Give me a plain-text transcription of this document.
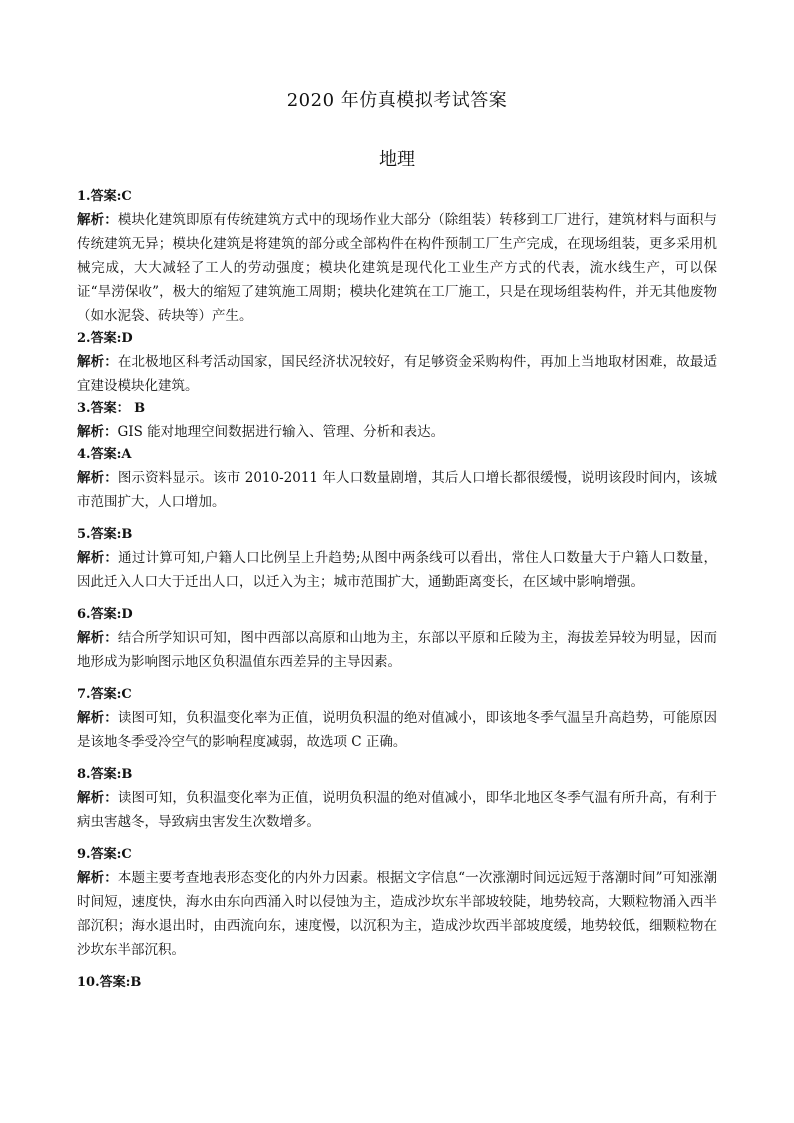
2020 年仿真模拟考试答案
地理
1.答案:C
解析：模块化建筑即原有传统建筑方式中的现场作业大部分（除组装）转移到工厂进行，建筑材料与面积与传统建筑无异；模块化建筑是将建筑的部分或全部构件在构件预制工厂生产完成，在现场组装，更多采用机械完成，大大减轻了工人的劳动强度；模块化建筑是现代化工业生产方式的代表，流水线生产，可以保证“旱涝保收”，极大的缩短了建筑施工周期；模块化建筑在工厂施工，只是在现场组装构件，并无其他废物（如水泥袋、砖块等）产生。
2.答案:D
解析：在北极地区科考活动国家，国民经济状况较好，有足够资金采购构件，再加上当地取材困难，故最适宜建设模块化建筑。
3.答案： B
解析：GIS 能对地理空间数据进行输入、管理、分析和表达。
4.答案:A
解析：图示资料显示。该市 2010-2011 年人口数量剧增，其后人口增长都很缓慢，说明该段时间内，该城市范围扩大，人口增加。
5.答案:B
解析：通过计算可知,户籍人口比例呈上升趋势;从图中两条线可以看出，常住人口数量大于户籍人口数量，因此迁入人口大于迁出人口，以迁入为主；城市范围扩大，通勤距离变长，在区域中影响增强。
6.答案:D
解析：结合所学知识可知，图中西部以高原和山地为主，东部以平原和丘陵为主，海拔差异较为明显，因而地形成为影响图示地区负积温值东西差异的主导因素。
7.答案:C
解析：读图可知，负积温变化率为正值，说明负积温的绝对值减小，即该地冬季气温呈升高趋势，可能原因是该地冬季受冷空气的影响程度减弱，故选项 C 正确。
8.答案:B
解析：读图可知，负积温变化率为正值，说明负积温的绝对值减小，即华北地区冬季气温有所升高，有利于病虫害越冬，导致病虫害发生次数增多。
9.答案:C
解析：本题主要考查地表形态变化的内外力因素。根据文字信息“一次涨潮时间远远短于落潮时间”可知涨潮时间短，速度快，海水由东向西涌入时以侵蚀为主，造成沙坎东半部坡较陡，地势较高，大颗粒物涌入西半部沉积；海水退出时，由西流向东，速度慢，以沉积为主，造成沙坎西半部坡度缓，地势较低，细颗粒物在沙坎东半部沉积。
10.答案:B
